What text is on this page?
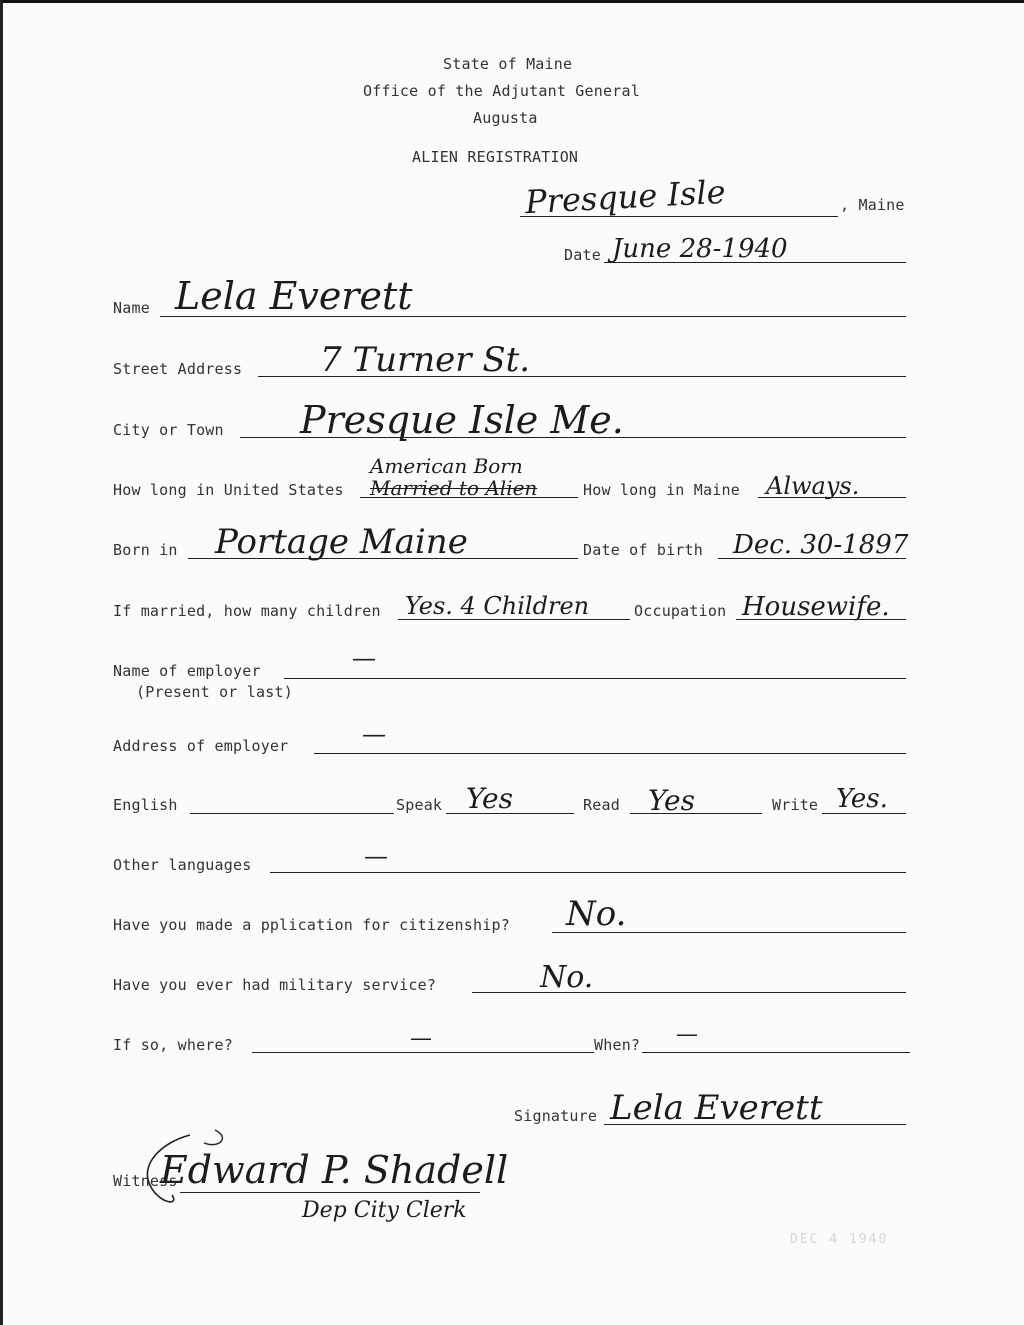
State of Maine
Office of the Adjutant General
Augusta
ALIEN REGISTRATION
Presque Isle	, Maine
Date June 28-1940
Name Lela Everett
Street Address 7 Turner St.
City or Town Presque Isle Me.
How long in United States
American Born
Married to Alien	How long in Maine Always.
Born in Portage Maine	Date of birth Dec. 30-1897
If married, how many children Yes. 4 Children	Occupation Housewife.
Name of employer
(Present or last)
—
Address of employer	—
English	Speak Yes	Read Yes	Write Yes.
Other languages	—
Have you made a pplication for citizenship? No.
Have you ever had military service?	No.
If so, where?	—	When? —
Signature Lela Everett
Witness
Edward P. Shadell
Dep City Clerk
DEC 4 1940
